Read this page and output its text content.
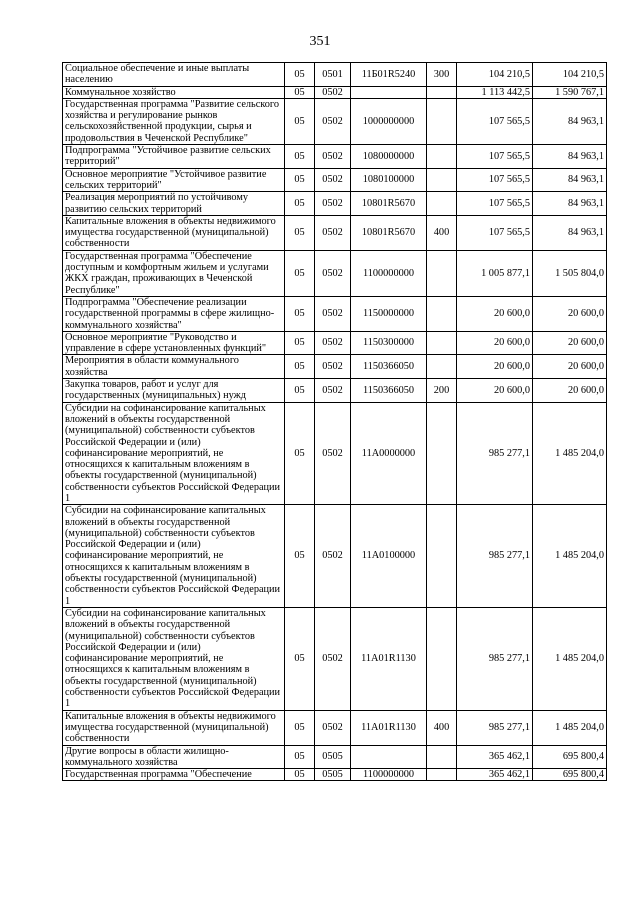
351
Социальное обеспечение и иные выплаты населению	05	0501	11Б01R5240	300	104 210,5	104 210,5
Коммунальное хозяйство	05	0502			1 113 442,5	1 590 767,1
Государственная программа "Развитие сельского хозяйства и регулирование рынков сельскохозяйственной продукции, сырья и продовольствия в Чеченской Республике"	05	0502	1000000000		107 565,5	84 963,1
Подпрограмма "Устойчивое развитие сельских территорий"	05	0502	1080000000		107 565,5	84 963,1
Основное мероприятие "Устойчивое развитие сельских территорий"	05	0502	1080100000		107 565,5	84 963,1
Реализация мероприятий по устойчивому развитию сельских территорий	05	0502	10801R5670		107 565,5	84 963,1
Капитальные вложения в объекты недвижимого имущества государственной (муниципальной) собственности	05	0502	10801R5670	400	107 565,5	84 963,1
Государственная программа "Обеспечение доступным и комфортным жильем и услугами ЖКХ граждан, проживающих в Чеченской Республике"	05	0502	1100000000		1 005 877,1	1 505 804,0
Подпрограмма "Обеспечение реализации государственной программы в сфере жилищно-коммунального хозяйства"	05	0502	1150000000		20 600,0	20 600,0
Основное мероприятие "Руководство и управление в сфере установленных функций"	05	0502	1150300000		20 600,0	20 600,0
Мероприятия в области коммунального хозяйства	05	0502	1150366050		20 600,0	20 600,0
Закупка товаров, работ и услуг для государственных (муниципальных) нужд	05	0502	1150366050	200	20 600,0	20 600,0
Субсидии на софинансирование капитальных вложений в объекты государственной (муниципальной) собственности субъектов Российской Федерации и (или) софинансирование мероприятий, не относящихся к капитальным вложениям в объекты государственной (муниципальной) собственности субъектов Российской Федерации 1	05	0502	11А0000000		985 277,1	1 485 204,0
Субсидии на софинансирование капитальных вложений в объекты государственной (муниципальной) собственности субъектов Российской Федерации и (или) софинансирование мероприятий, не относящихся к капитальным вложениям в объекты государственной (муниципальной) собственности субъектов Российской Федерации 1	05	0502	11А0100000		985 277,1	1 485 204,0
Субсидии на софинансирование капитальных вложений в объекты государственной (муниципальной) собственности субъектов Российской Федерации и (или) софинансирование мероприятий, не относящихся к капитальным вложениям в объекты государственной (муниципальной) собственности субъектов Российской Федерации 1	05	0502	11А01R1130		985 277,1	1 485 204,0
Капитальные вложения в объекты недвижимого имущества государственной (муниципальной) собственности	05	0502	11А01R1130	400	985 277,1	1 485 204,0
Другие вопросы в области жилищно-коммунального хозяйства	05	0505			365 462,1	695 800,4
Государственная программа "Обеспечение	05	0505	1100000000		365 462,1	695 800,4
